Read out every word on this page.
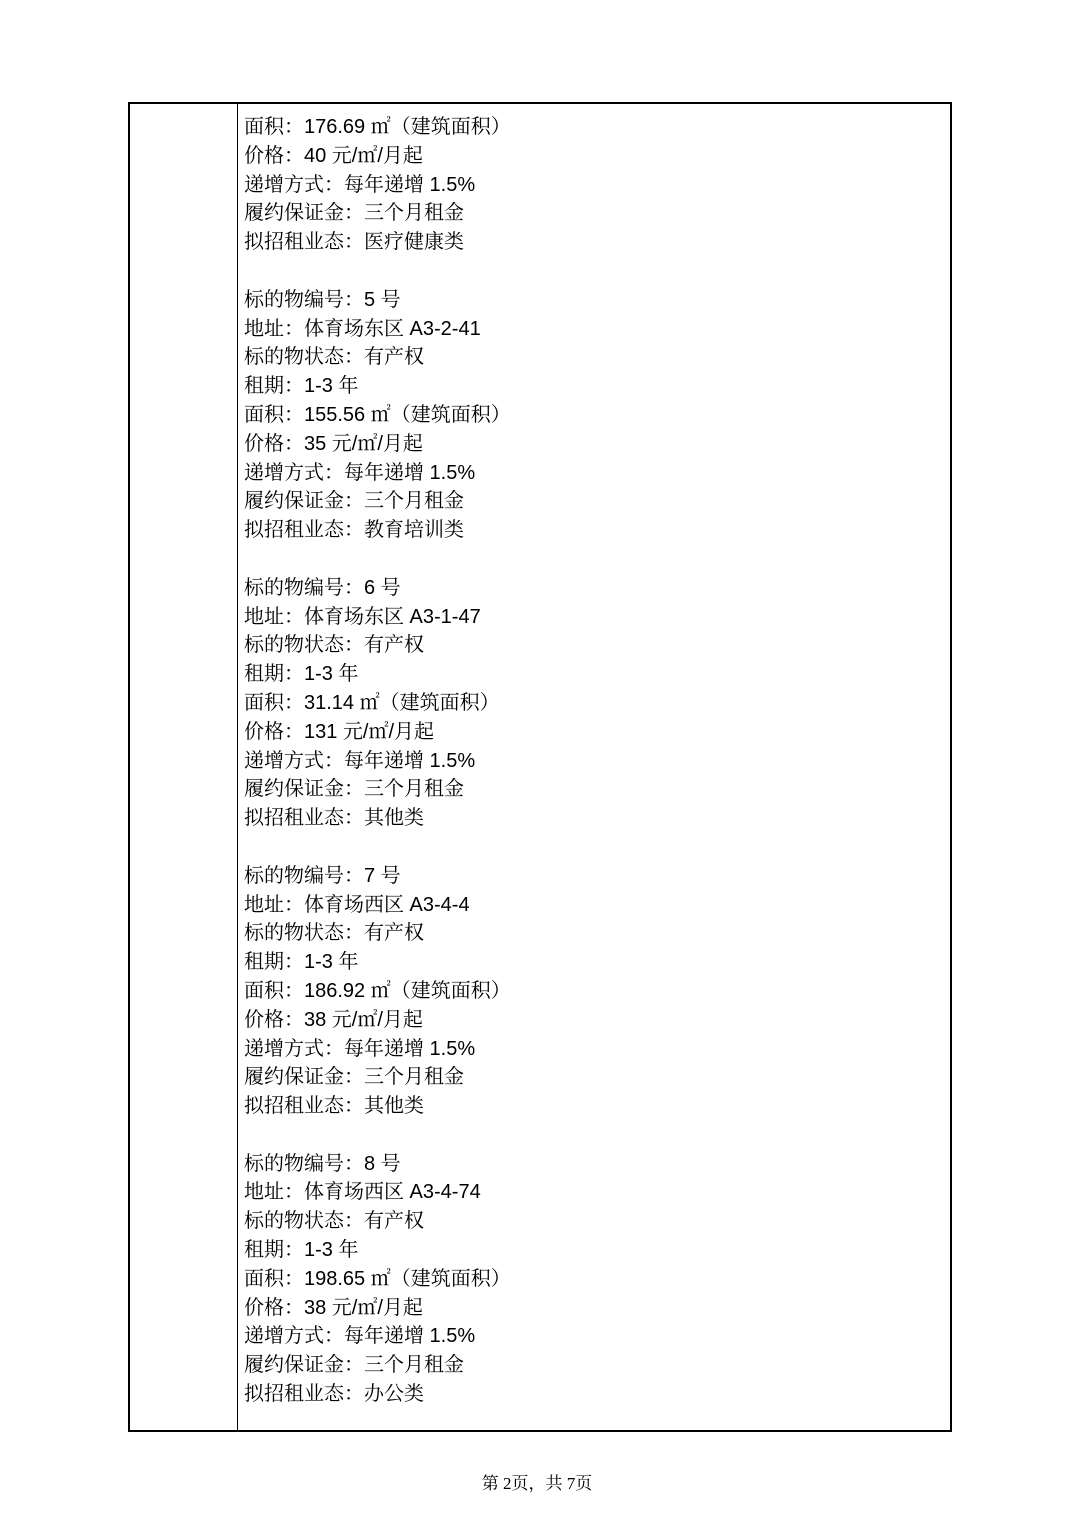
面积：176.69 ㎡（建筑面积）
价格：40 元/㎡/月起
递增方式：每年递增 1.5%
履约保证金：三个月租金
拟招租业态：医疗健康类
标的物编号：5 号
地址：体育场东区 A3-2-41
标的物状态：有产权
租期：1-3 年
面积：155.56 ㎡（建筑面积）
价格：35 元/㎡/月起
递增方式：每年递增 1.5%
履约保证金：三个月租金
拟招租业态：教育培训类
标的物编号：6 号
地址：体育场东区 A3-1-47
标的物状态：有产权
租期：1-3 年
面积：31.14 ㎡（建筑面积）
价格：131 元/㎡/月起
递增方式：每年递增 1.5%
履约保证金：三个月租金
拟招租业态：其他类
标的物编号：7 号
地址：体育场西区 A3-4-4
标的物状态：有产权
租期：1-3 年
面积：186.92 ㎡（建筑面积）
价格：38 元/㎡/月起
递增方式：每年递增 1.5%
履约保证金：三个月租金
拟招租业态：其他类
标的物编号：8 号
地址：体育场西区 A3-4-74
标的物状态：有产权
租期：1-3 年
面积：198.65 ㎡（建筑面积）
价格：38 元/㎡/月起
递增方式：每年递增 1.5%
履约保证金：三个月租金
拟招租业态：办公类
第 2页，共 7页
